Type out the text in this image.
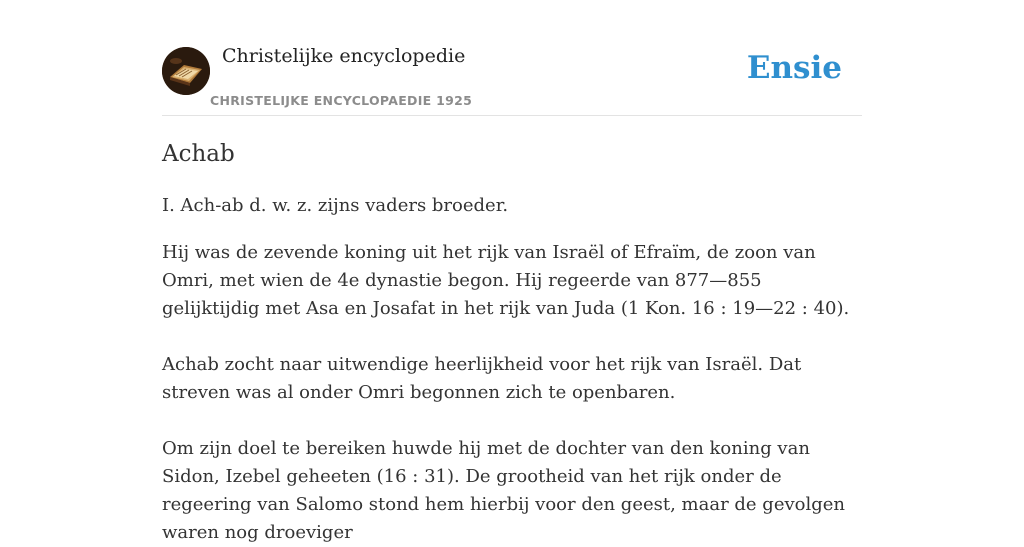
Christelijke encyclopedie
CHRISTELIJKE ENCYCLOPAEDIE 1925
Ensie
Achab

I. Ach-ab d. w. z. zijns vaders broeder.

Hij was de zevende koning uit het rijk van Israël of Efraïm, de zoon van Omri, met wien de 4e dynastie begon. Hij regeerde van 877—855 gelijktijdig met Asa en Josafat in het rijk van Juda (1 Kon. 16 : 19—22 : 40).

Achab zocht naar uitwendige heerlijkheid voor het rijk van Israël. Dat streven was al onder Omri begonnen zich te openbaren.

Om zijn doel te bereiken huwde hij met de dochter van den koning van Sidon, Izebel geheeten (16 : 31). De grootheid van het rijk onder de regeering van Salomo stond hem hierbij voor den geest, maar de gevolgen waren nog droeviger
